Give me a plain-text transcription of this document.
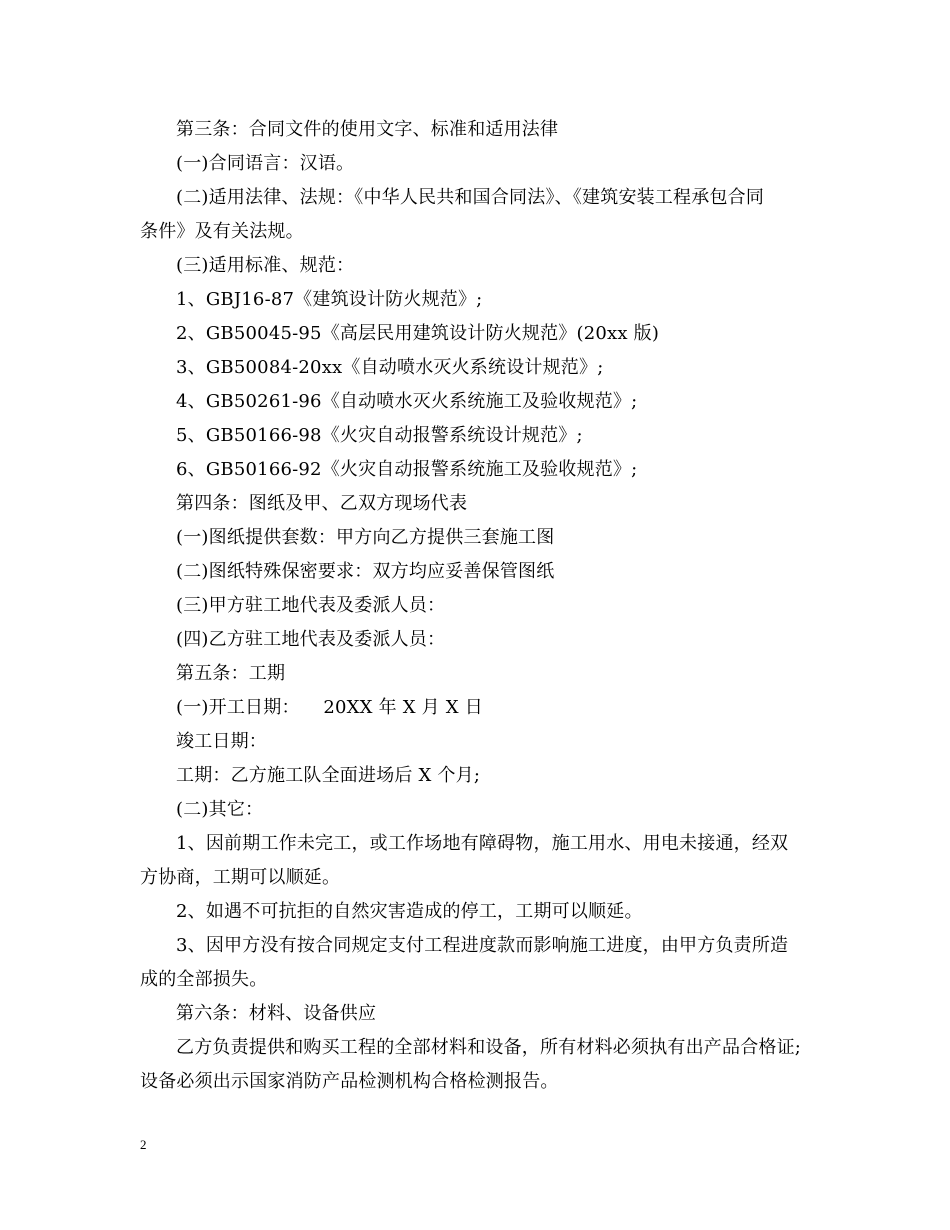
第三条：合同文件的使用文字、标准和适用法律
(一)合同语言：汉语。
(二)适用法律、法规：《中华人民共和国合同法》、《建筑安装工程承包合同
条件》及有关法规。
(三)适用标准、规范：
1、GBJ16-87《建筑设计防火规范》;
2、GB50045-95《高层民用建筑设计防火规范》(20xx 版)
3、GB50084-20xx《自动喷水灭火系统设计规范》;
4、GB50261-96《自动喷水灭火系统施工及验收规范》;
5、GB50166-98《火灾自动报警系统设计规范》;
6、GB50166-92《火灾自动报警系统施工及验收规范》;
第四条：图纸及甲、乙双方现场代表
(一)图纸提供套数：甲方向乙方提供三套施工图
(二)图纸特殊保密要求：双方均应妥善保管图纸
(三)甲方驻工地代表及委派人员：
(四)乙方驻工地代表及委派人员：
第五条：工期
(一)开工日期：    20XX 年 X 月 X 日
竣工日期：
工期：乙方施工队全面进场后 X 个月;
(二)其它：
1、因前期工作未完工，或工作场地有障碍物，施工用水、用电未接通，经双
方协商，工期可以顺延。
2、如遇不可抗拒的自然灾害造成的停工，工期可以顺延。
3、因甲方没有按合同规定支付工程进度款而影响施工进度，由甲方负责所造
成的全部损失。
第六条：材料、设备供应
乙方负责提供和购买工程的全部材料和设备，所有材料必须执有出产品合格证;
设备必须出示国家消防产品检测机构合格检测报告。
2
